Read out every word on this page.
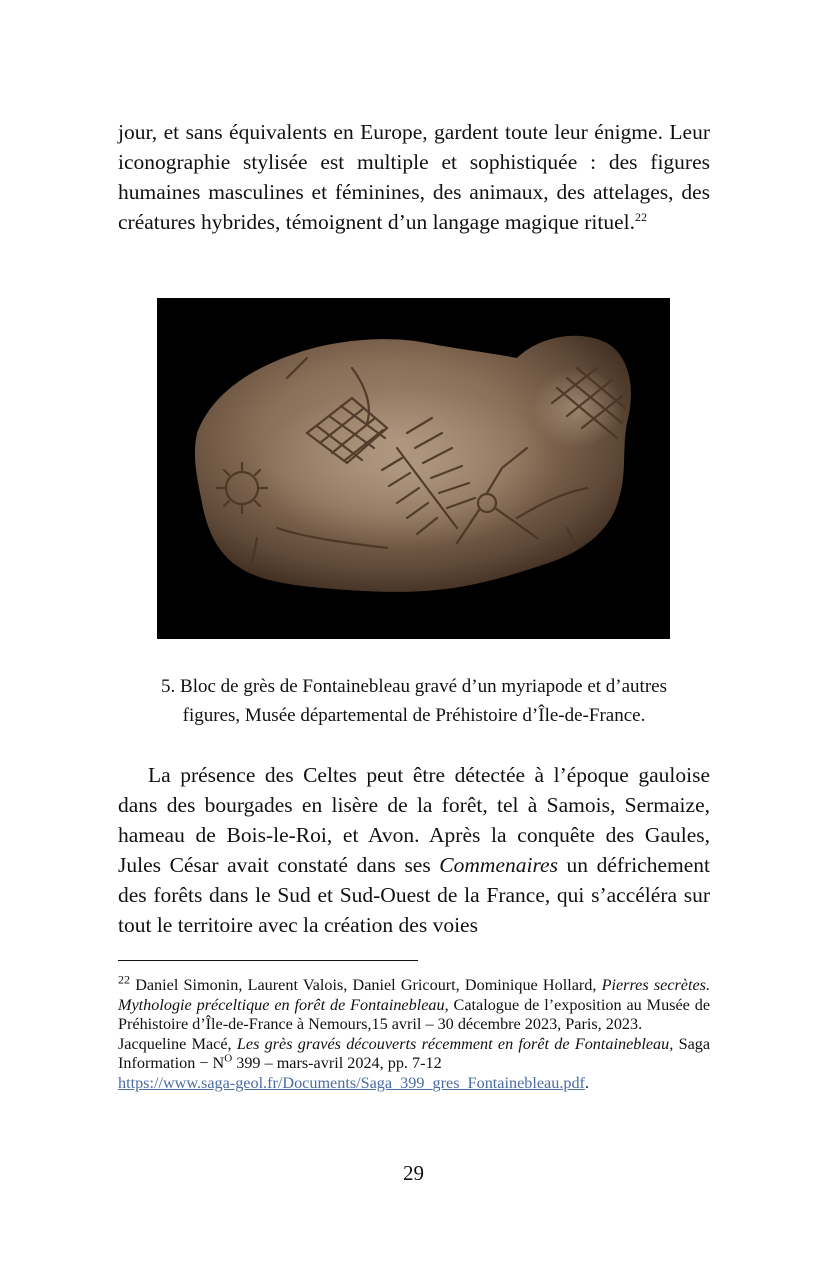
jour, et sans équivalents en Europe, gardent toute leur énigme. Leur iconographie stylisée est multiple et sophistiquée : des figures humaines masculines et féminines, des animaux, des attelages, des créatures hybrides, témoignent d’un langage magique rituel.$^{22}$

5. Bloc de grès de Fontainebleau gravé d’un myriapode et d’autres
figures, Musée départemental de Préhistoire d’Île-de-France.

La présence des Celtes peut être détectée à l’époque gauloise dans des bourgades en lisère de la forêt, tel à Samois, Sermaize, hameau de Bois-le-Roi, et Avon. Après la conquête des Gaules, Jules César avait constaté dans ses Commenaires un défrichement des forêts dans le Sud et Sud-Ouest de la France, qui s’accéléra sur tout le territoire avec la création des voies

$^{22}$ Daniel Simonin, Laurent Valois, Daniel Gricourt, Dominique Hollard, Pierres secrètes. Mythologie préceltique en forêt de Fontainebleau, Catalogue de l’exposition au Musée de Préhistoire d’Île-de-France à Nemours,15 avril – 30 décembre 2023, Paris, 2023.

Jacqueline Macé, Les grès gravés découverts récemment en forêt de Fontainebleau, Saga Information − $N^O$ 399 – mars-avril 2024, pp. 7-12
https://www.saga-geol.fr/Documents/Saga_399_gres_Fontainebleau.pdf.

29
